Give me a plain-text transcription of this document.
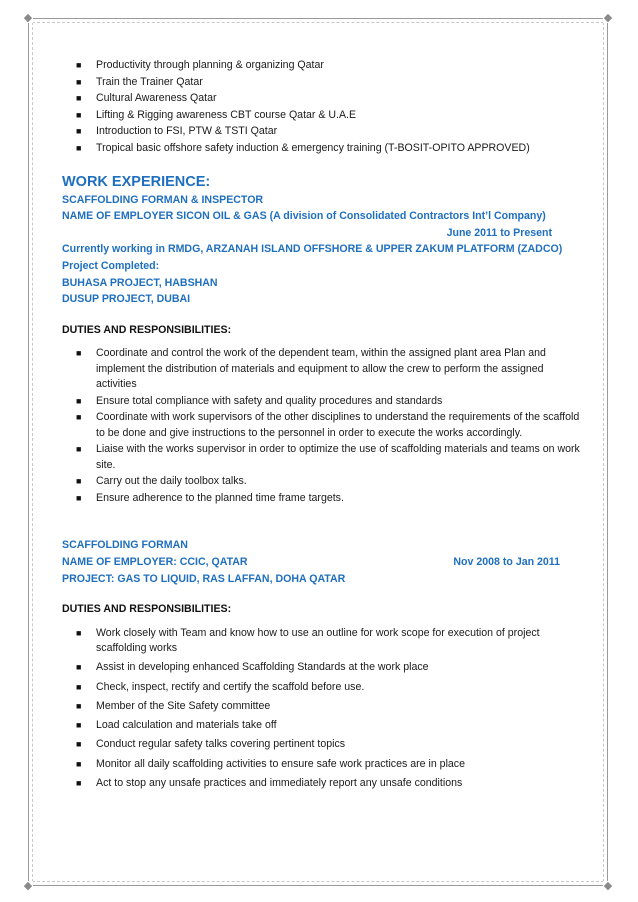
◆	◆
◆	◆
■	Productivity through planning & organizing Qatar
■	Train the Trainer Qatar
■	Cultural Awareness Qatar
■	Lifting & Rigging awareness CBT course Qatar & U.A.E
■	Introduction to FSI, PTW & TSTI Qatar
■	Tropical basic offshore safety induction & emergency training (T-BOSIT-OPITO APPROVED)
WORK EXPERIENCE:
SCAFFOLDING FORMAN & INSPECTOR
NAME OF EMPLOYER SICON OIL & GAS (A division of Consolidated Contractors Int’l Company)
June 2011 to Present
Currently working in RMDG, ARZANAH ISLAND OFFSHORE & UPPER ZAKUM PLATFORM (ZADCO)
Project Completed:
BUHASA PROJECT, HABSHAN
DUSUP PROJECT, DUBAI
DUTIES AND RESPONSIBILITIES:
■	Coordinate and control the work of the dependent team, within the assigned plant area Plan and implement the distribution of materials and equipment to allow the crew to perform the assigned activities
■	Ensure total compliance with safety and quality procedures and standards
■	Coordinate with work supervisors of the other disciplines to understand the requirements of the scaffold to be done and give instructions to the personnel in order to execute the works accordingly.
■	Liaise with the works supervisor in order to optimize the use of scaffolding materials and teams on work site.
■	Carry out the daily toolbox talks.
■	Ensure adherence to the planned time frame targets.
SCAFFOLDING FORMAN
NAME OF EMPLOYER: CCIC, QATAR	Nov 2008 to Jan 2011
PROJECT: GAS TO LIQUID, RAS LAFFAN, DOHA QATAR
DUTIES AND RESPONSIBILITIES:
■	Work closely with Team and know how to use an outline for work scope for execution of project scaffolding works
■	Assist in developing enhanced Scaffolding Standards at the work place
■	Check, inspect, rectify and certify the scaffold before use.
■	Member of the Site Safety committee
■	Load calculation and materials take off
■	Conduct regular safety talks covering pertinent topics
■	Monitor all daily scaffolding activities to ensure safe work practices are in place
■	Act to stop any unsafe practices and immediately report any unsafe conditions
